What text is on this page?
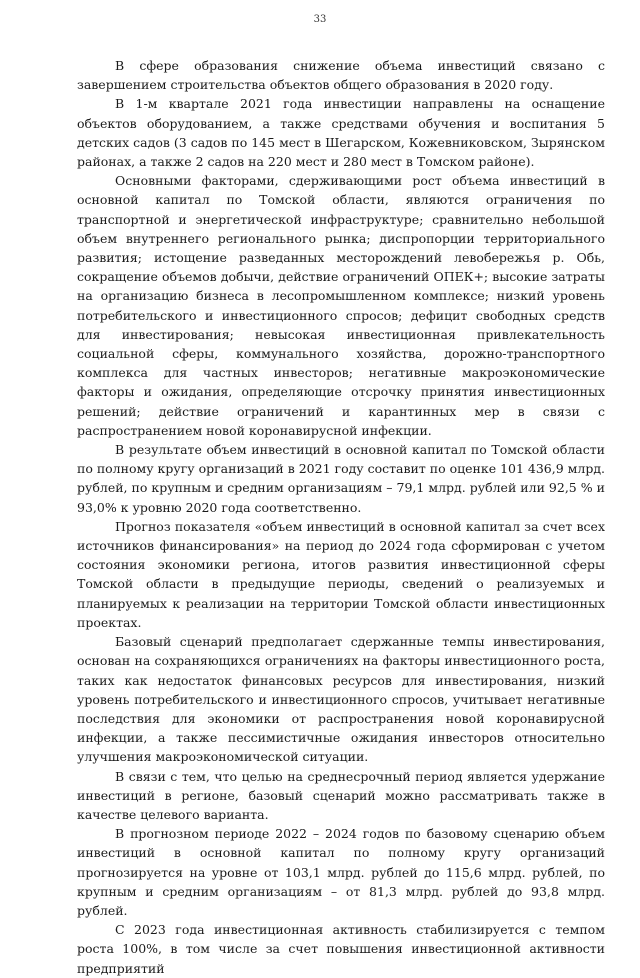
33

В сфере образования снижение объема инвестиций связано с завершением строительства объектов общего образования в 2020 году.

В 1-м квартале 2021 года инвестиции направлены на оснащение объектов оборудованием, а также средствами обучения и воспитания 5 детских садов (3 садов по 145 мест в Шегарском, Кожевниковском, Зырянском районах, а также 2 садов на 220 мест и 280 мест в Томском районе).

Основными факторами, сдерживающими рост объема инвестиций в основной капитал по Томской области, являются ограничения по транспортной и энергетической инфраструктуре; сравнительно небольшой объем внутреннего регионального рынка; диспропорции территориального развития; истощение разведанных месторождений левобережья р. Обь, сокращение объемов добычи, действие ограничений ОПЕК+; высокие затраты на организацию бизнеса в лесопромышленном комплексе; низкий уровень потребительского и инвестиционного спросов; дефицит свободных средств для инвестирования; невысокая инвестиционная привлекательность социальной сферы, коммунального хозяйства, дорожно-транспортного комплекса для частных инвесторов; негативные макроэкономические факторы и ожидания, определяющие отсрочку принятия инвестиционных решений; действие ограничений и карантинных мер в связи с распространением новой коронавирусной инфекции.

В результате объем инвестиций в основной капитал по Томской области по полному кругу организаций в 2021 году составит по оценке 101 436,9 млрд. рублей, по крупным и средним организациям – 79,1 млрд. рублей или 92,5 % и 93,0% к уровню 2020 года соответственно.

Прогноз показателя «объем инвестиций в основной капитал за счет всех источников финансирования» на период до 2024 года сформирован с учетом состояния экономики региона, итогов развития инвестиционной сферы Томской области в предыдущие периоды, сведений о реализуемых и планируемых к реализации на территории Томской области инвестиционных проектах.

Базовый сценарий предполагает сдержанные темпы инвестирования, основан на сохраняющихся ограничениях на факторы инвестиционного роста, таких как недостаток финансовых ресурсов для инвестирования, низкий уровень потребительского и инвестиционного спросов, учитывает негативные последствия для экономики от распространения новой коронавирусной инфекции, а также пессимистичные ожидания инвесторов относительно улучшения макроэкономической ситуации.

В связи с тем, что целью на среднесрочный период является удержание инвестиций в регионе, базовый сценарий можно рассматривать также в качестве целевого варианта.

В прогнозном периоде 2022 – 2024 годов по базовому сценарию объем инвестиций в основной капитал по полному кругу организаций прогнозируется на уровне от 103,1 млрд. рублей до 115,6 млрд. рублей, по крупным и средним организациям – от 81,3 млрд. рублей до 93,8 млрд. рублей.

С 2023 года инвестиционная активность стабилизируется с темпом роста 100%, в том числе за счет повышения инвестиционной активности предприятий
